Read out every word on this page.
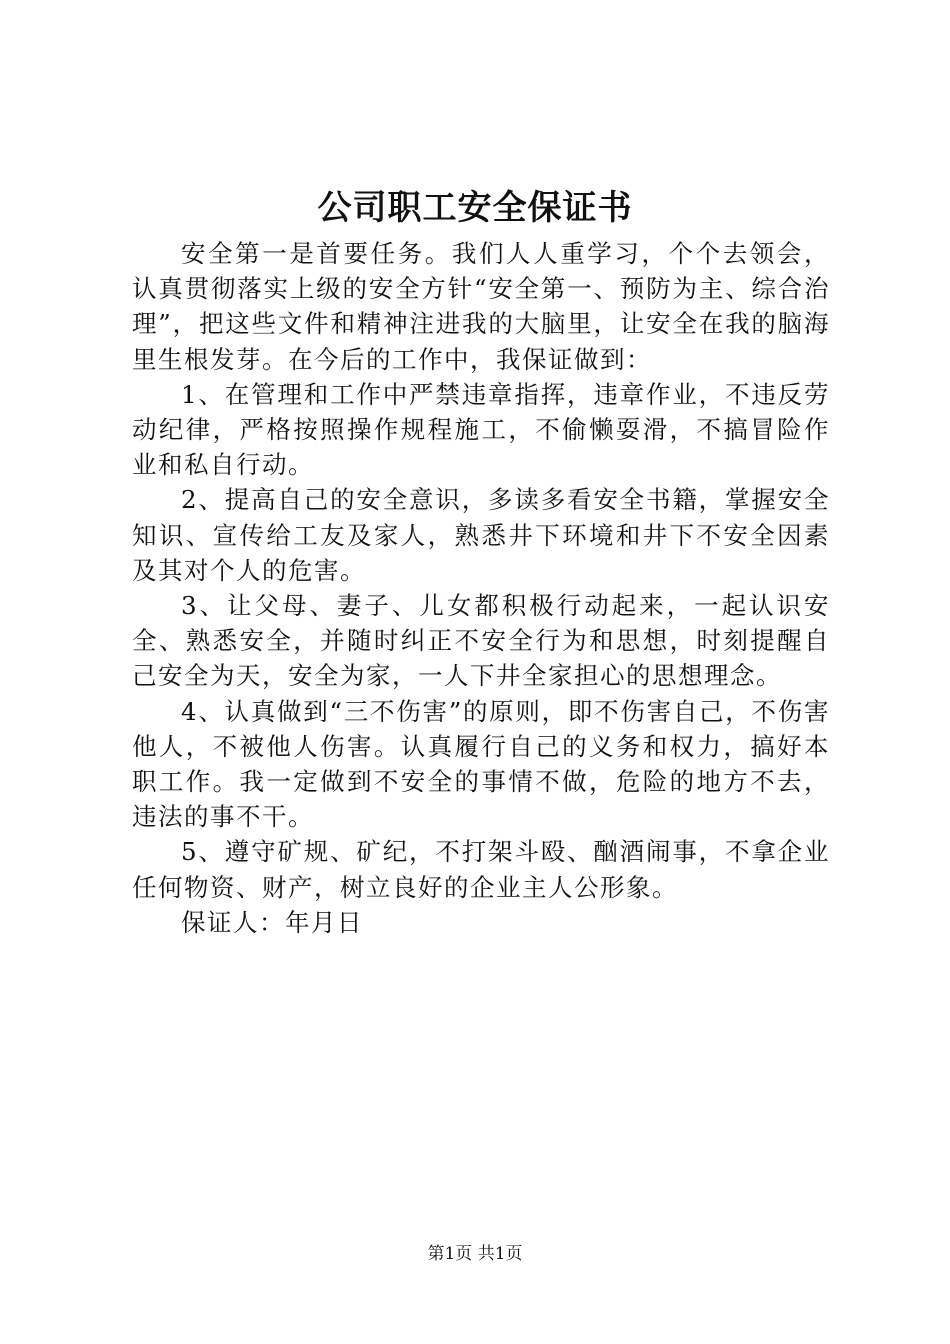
公司职工安全保证书

安全第一是首要任务。我们人人重学习，个个去领会，认真贯彻落实上级的安全方针“安全第一、预防为主、综合治理”，把这些文件和精神注进我的大脑里，让安全在我的脑海里生根发芽。在今后的工作中，我保证做到：

1、在管理和工作中严禁违章指挥，违章作业，不违反劳动纪律，严格按照操作规程施工，不偷懒耍滑，不搞冒险作业和私自行动。

2、提高自己的安全意识，多读多看安全书籍，掌握安全知识、宣传给工友及家人，熟悉井下环境和井下不安全因素及其对个人的危害。

3、让父母、妻子、儿女都积极行动起来，一起认识安全、熟悉安全，并随时纠正不安全行为和思想，时刻提醒自己安全为天，安全为家，一人下井全家担心的思想理念。

4、认真做到“三不伤害”的原则，即不伤害自己，不伤害他人，不被他人伤害。认真履行自己的义务和权力，搞好本职工作。我一定做到不安全的事情不做，危险的地方不去，违法的事不干。

5、遵守矿规、矿纪，不打架斗殴、酗酒闹事，不拿企业任何物资、财产，树立良好的企业主人公形象。

保证人：年月日

第1页 共1页
